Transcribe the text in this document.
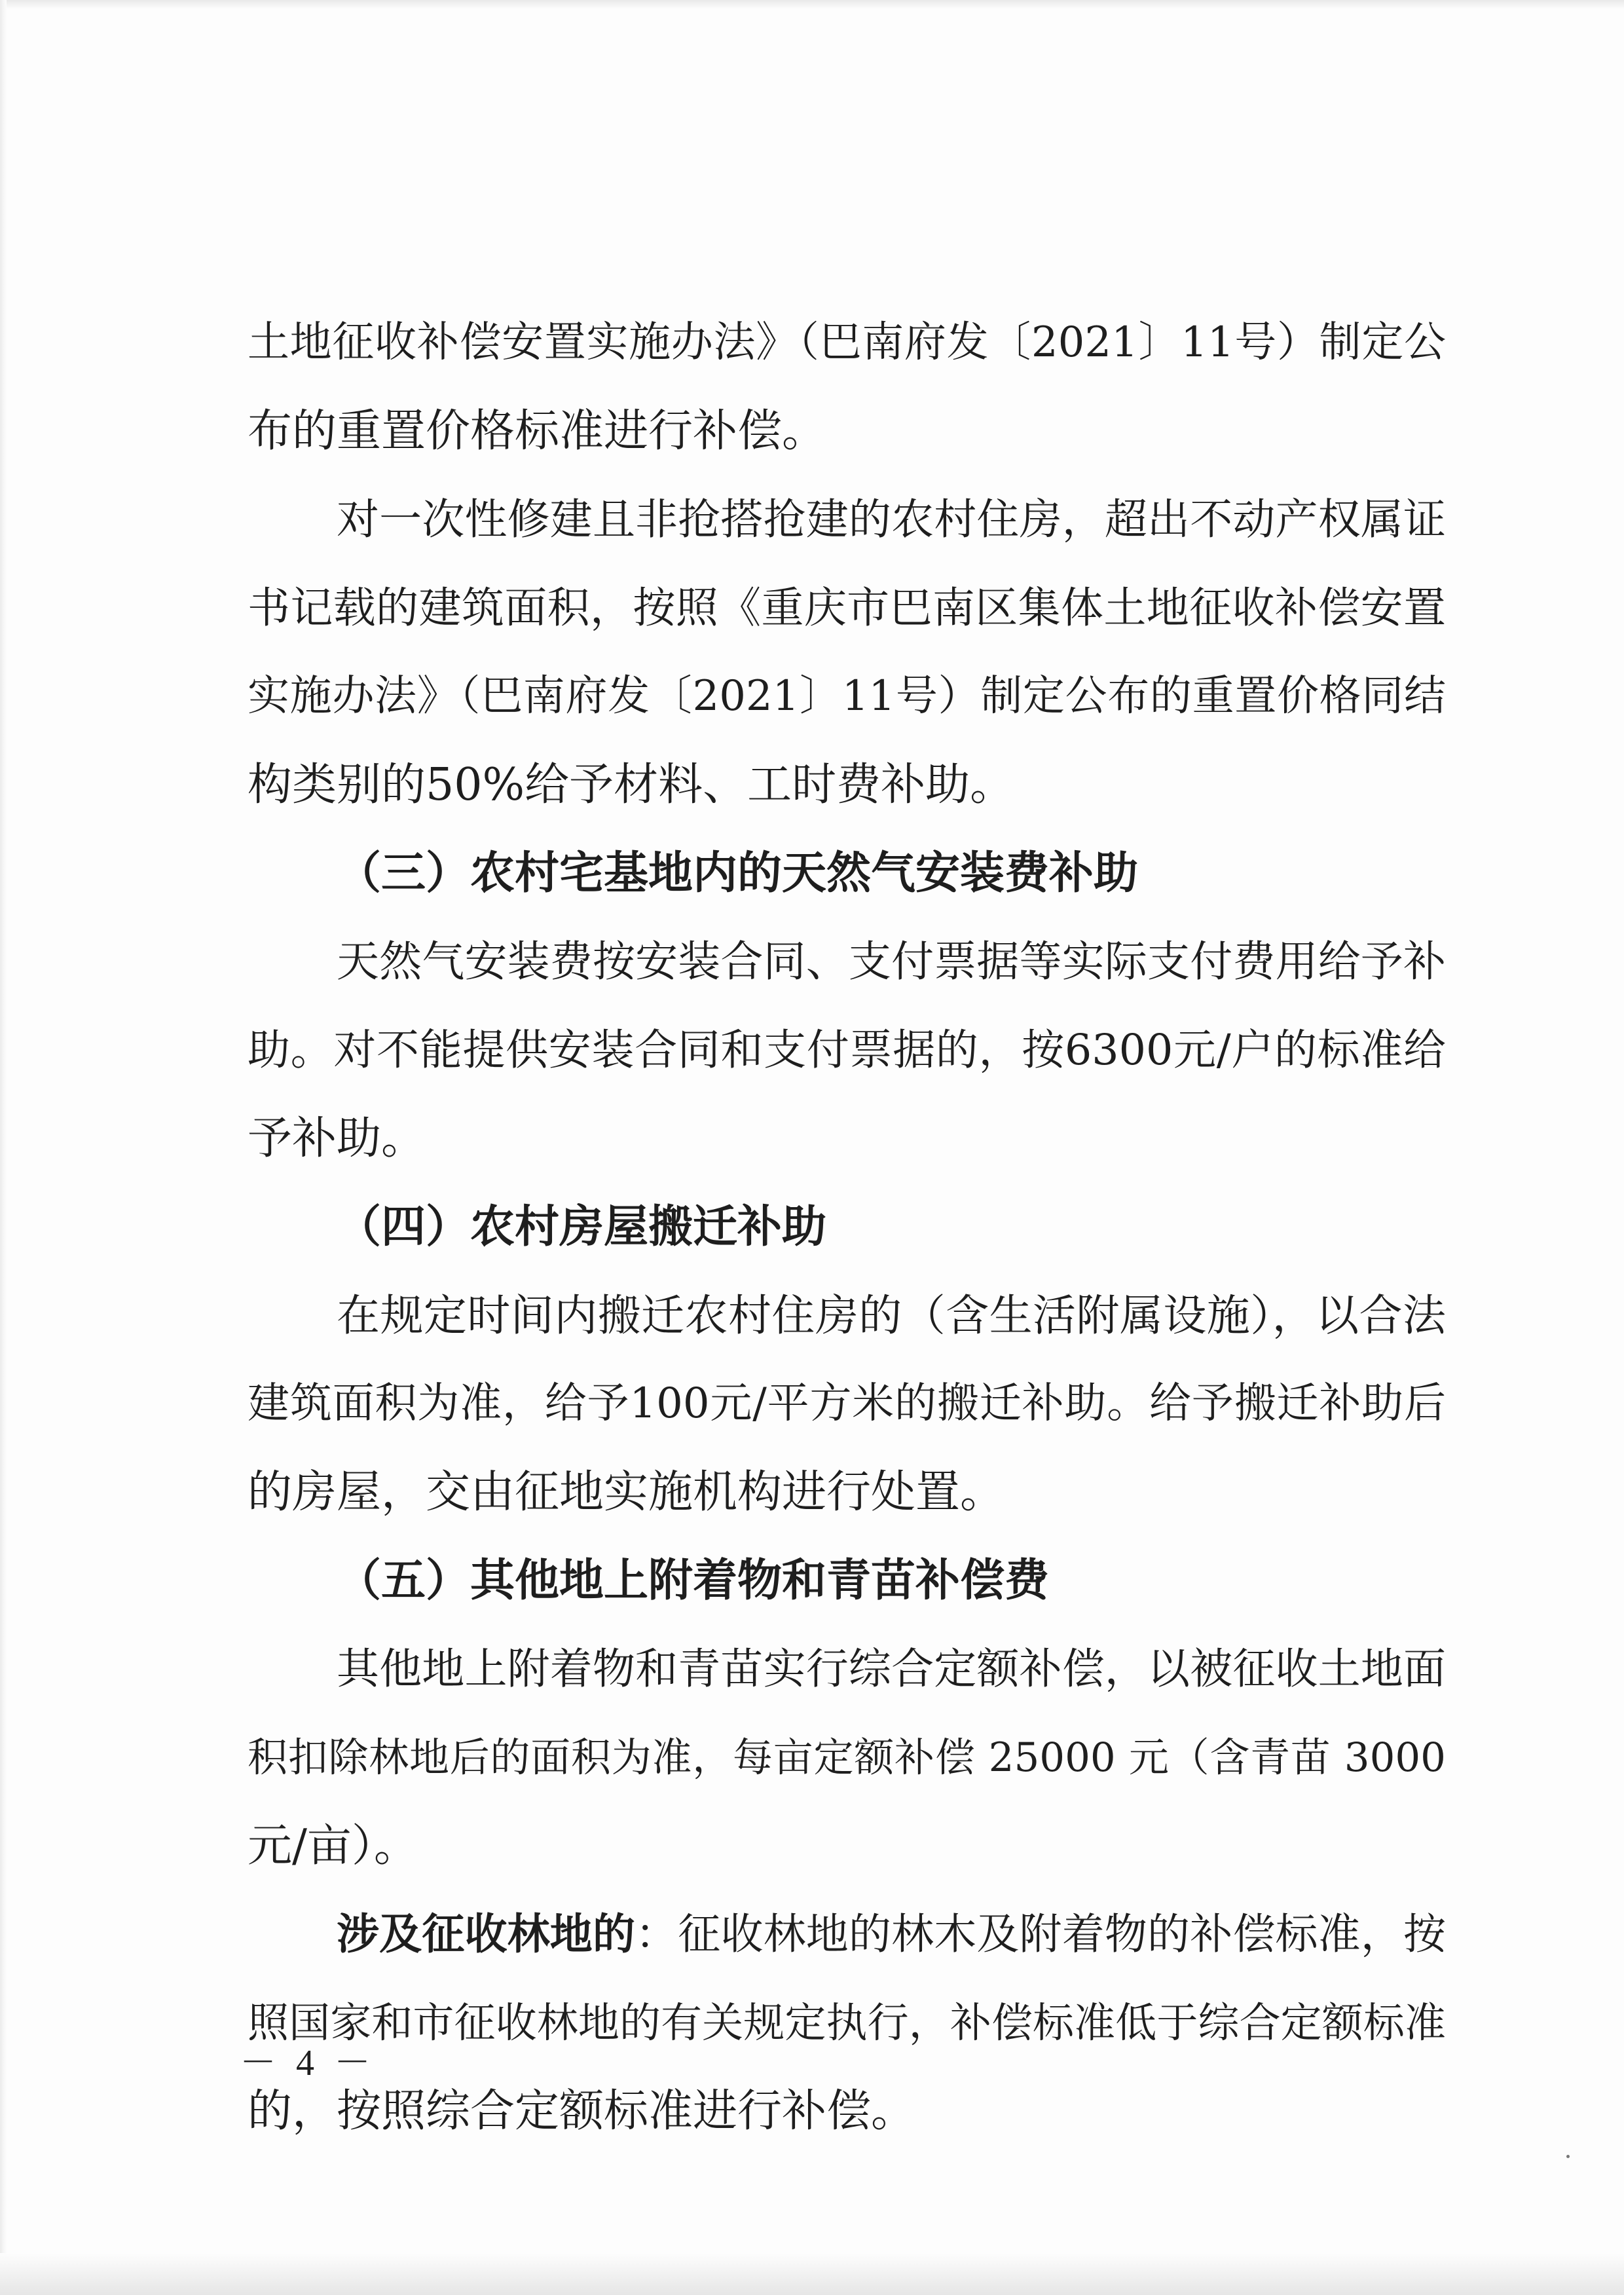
土地征收补偿安置实施办法》（巴南府发〔2021〕11号）制定公
布的重置价格标准进行补偿。
对一次性修建且非抢搭抢建的农村住房，超出不动产权属证
书记载的建筑面积，按照《重庆市巴南区集体土地征收补偿安置
实施办法》（巴南府发〔2021〕11号）制定公布的重置价格同结
构类别的50%给予材料、工时费补助。
（三）农村宅基地内的天然气安装费补助
天然气安装费按安装合同、支付票据等实际支付费用给予补
助。对不能提供安装合同和支付票据的，按6300元/户的标准给
予补助。
（四）农村房屋搬迁补助
在规定时间内搬迁农村住房的（含生活附属设施），以合法
建筑面积为准，给予100元/平方米的搬迁补助。给予搬迁补助后
的房屋，交由征地实施机构进行处置。
（五）其他地上附着物和青苗补偿费
其他地上附着物和青苗实行综合定额补偿，以被征收土地面
积扣除林地后的面积为准，每亩定额补偿 25000 元（含青苗 3000
元/亩）。
涉及征收林地的：征收林地的林木及附着物的补偿标准，按
照国家和市征收林地的有关规定执行，补偿标准低于综合定额标准
的，按照综合定额标准进行补偿。
－ 4 －
